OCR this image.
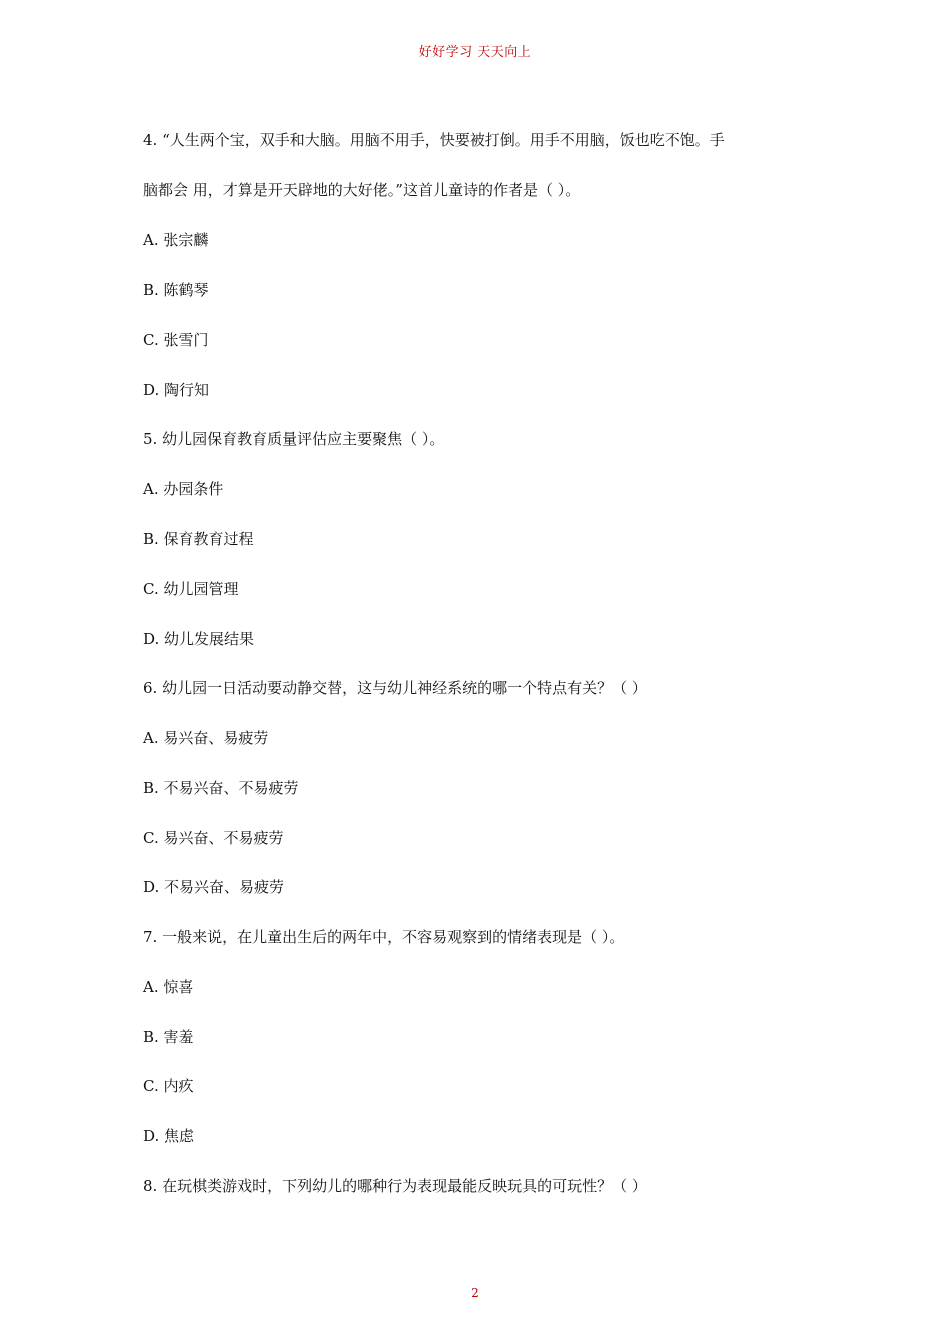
好好学习 天天向上
4. “人生两个宝，双手和大脑。用脑不用手，快要被打倒。用手不用脑，饭也吃不饱。手
脑都会 用，才算是开天辟地的大好佬。”这首儿童诗的作者是（ ）。
A. 张宗麟
B. 陈鹤琴
C. 张雪门
D. 陶行知
5. 幼儿园保育教育质量评估应主要聚焦（ ）。
A. 办园条件
B. 保育教育过程
C. 幼儿园管理
D. 幼儿发展结果
6. 幼儿园一日活动要动静交替，这与幼儿神经系统的哪一个特点有关？（ ）
A. 易兴奋、易疲劳
B. 不易兴奋、不易疲劳
C. 易兴奋、不易疲劳
D. 不易兴奋、易疲劳
7. 一般来说，在儿童出生后的两年中，不容易观察到的情绪表现是（ ）。
A. 惊喜
B. 害羞
C. 内疚
D. 焦虑
8. 在玩棋类游戏时，下列幼儿的哪种行为表现最能反映玩具的可玩性？（ ）
2
